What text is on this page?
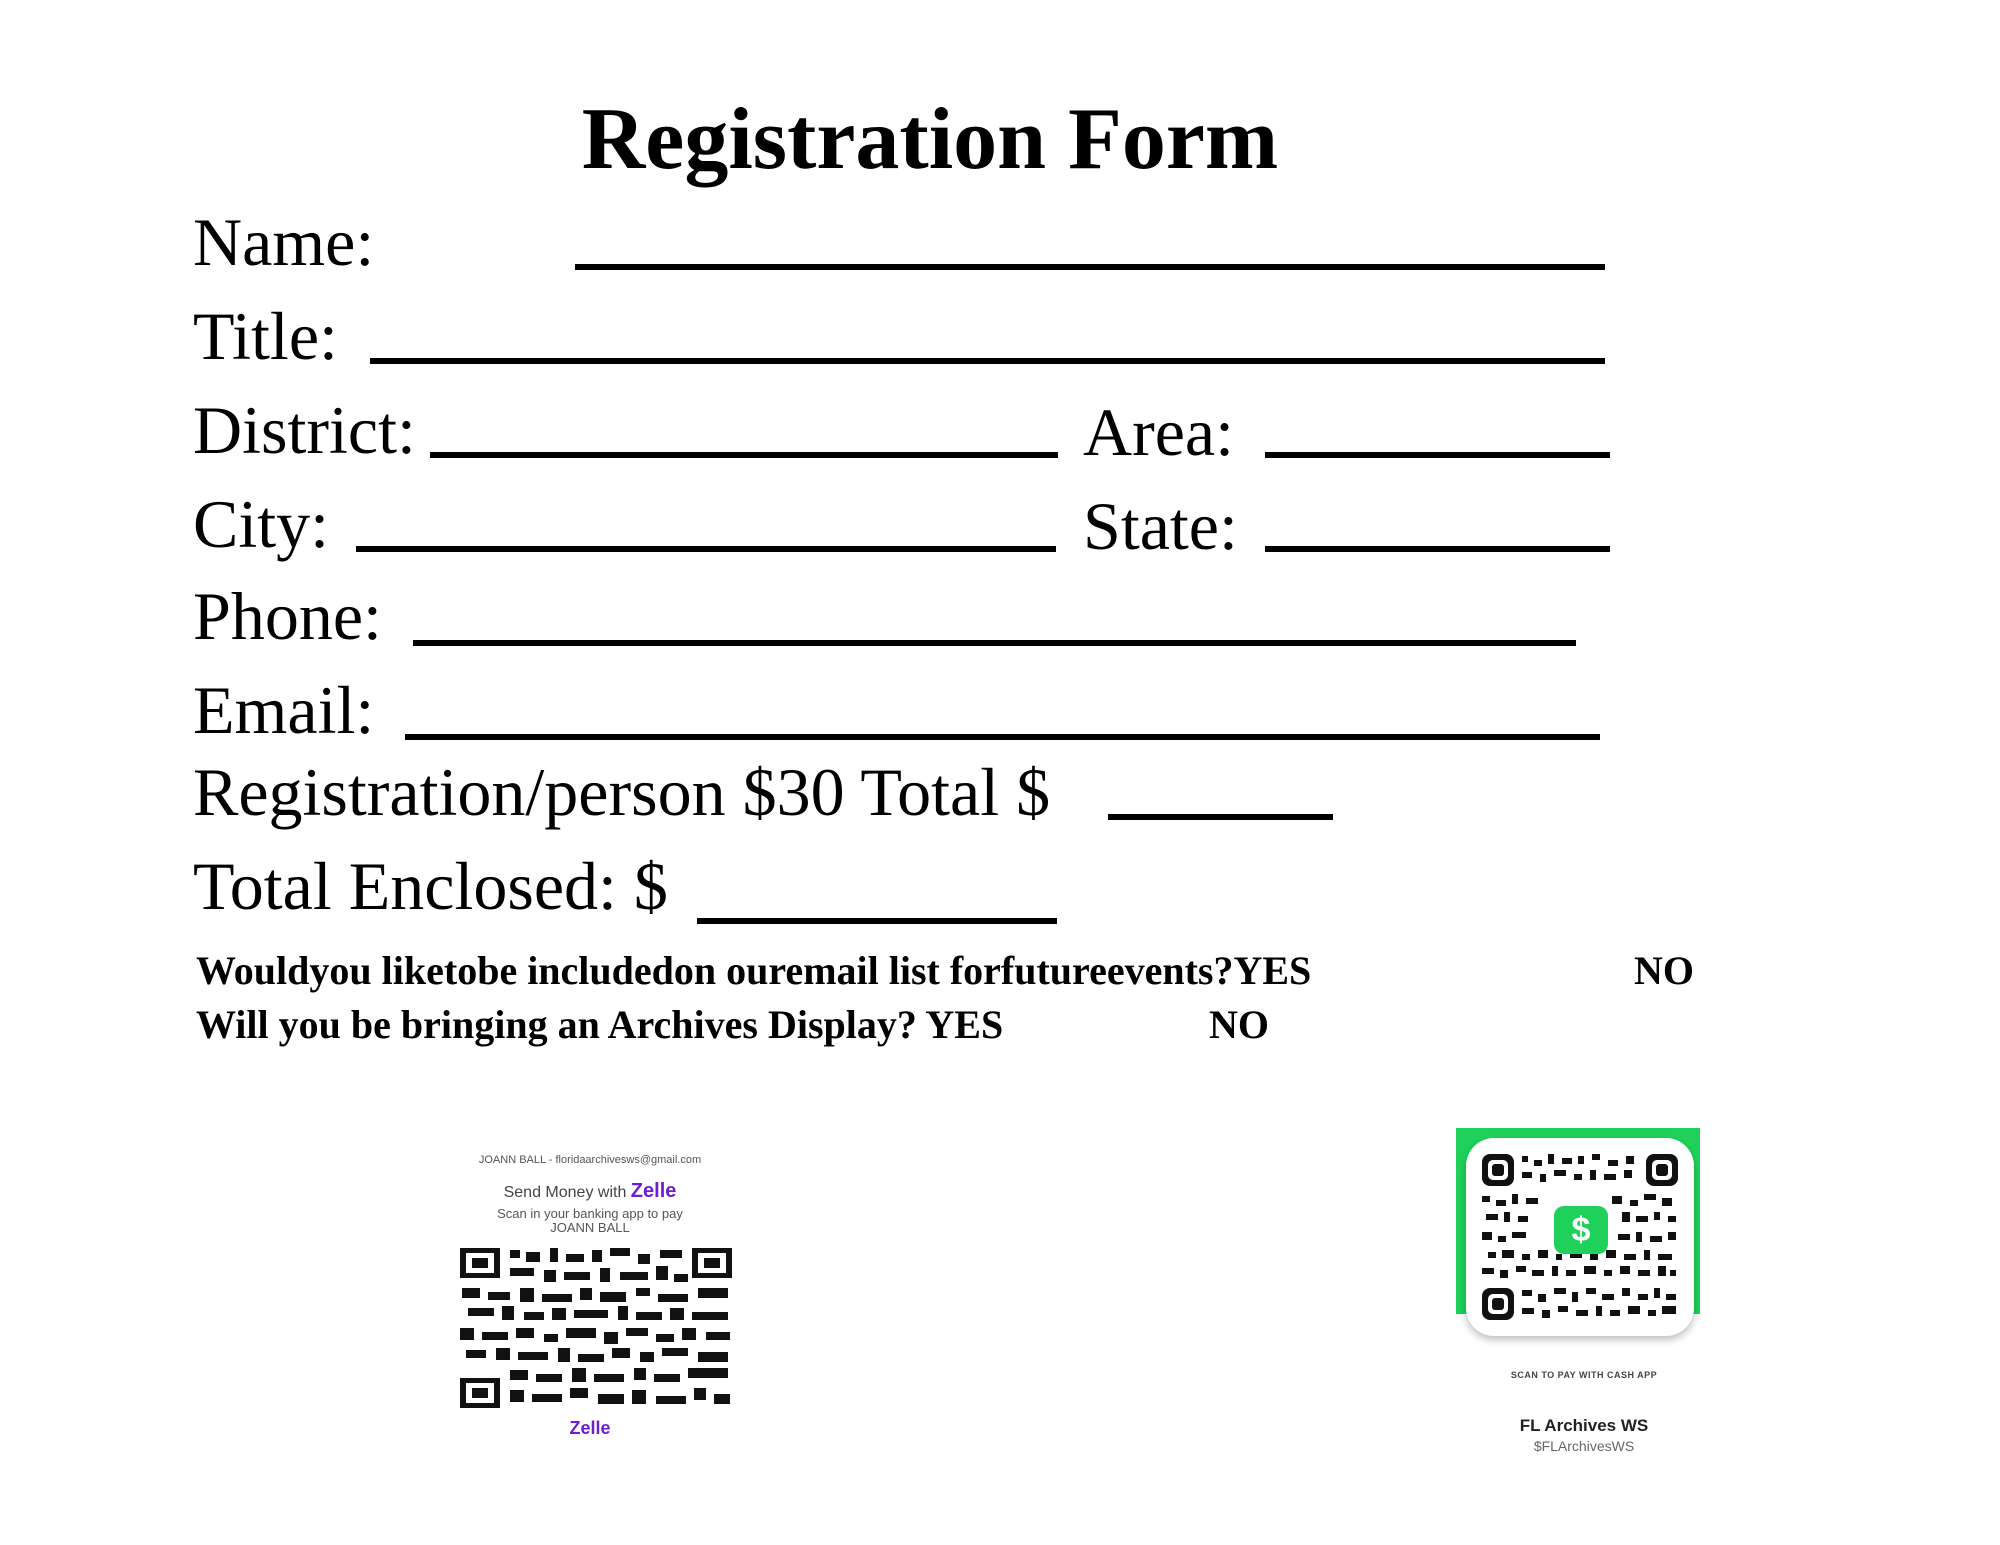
Registration Form
Name:
Title:
District:	Area:
City:	State:
Phone:
Email:
Registration/person $30 Total $
Total Enclosed: $
Wouldyou liketobe includedon ouremail list forfutureevents?YES	NO
Will you be bringing an Archives Display? YES	NO
JOANN BALL - floridaarchivesws@gmail.com
Send Money with Zelle
Scan in your banking app to pay
JOANN BALL
Zelle
$
SCAN TO PAY WITH CASH APP
FL Archives WS
$FLArchivesWS
